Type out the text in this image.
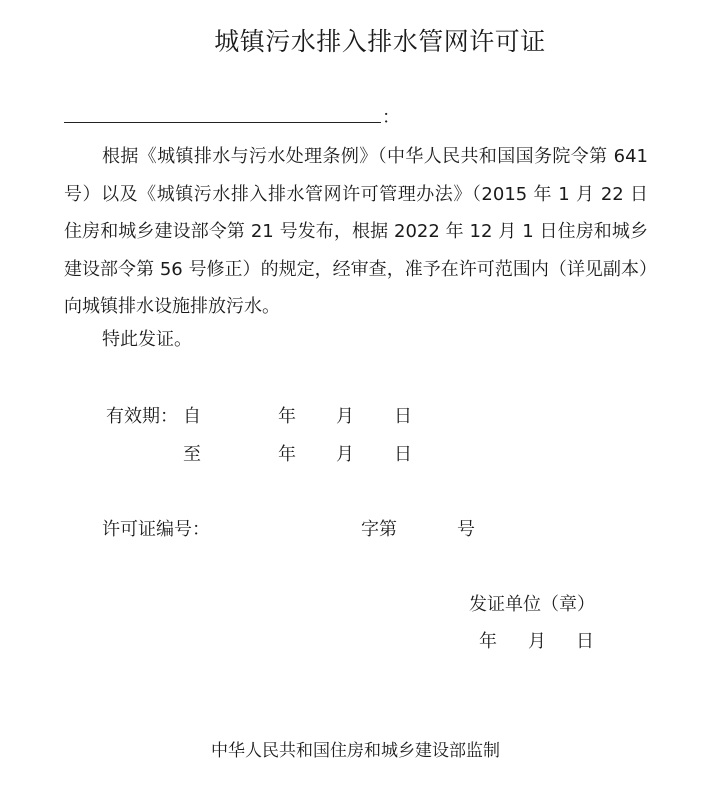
城镇污水排入排水管网许可证
：
根据《城镇排水与污水处理条例》（中华人民共和国国务院令第 641 号）以及《城镇污水排入排水管网许可管理办法》（2015 年 1 月 22 日住房和城乡建设部令第 21 号发布，根据 2022 年 12 月 1 日住房和城乡建设部令第 56 号修正）的规定，经审查，准予在许可范围内（详见副本）向城镇排水设施排放污水。
特此发证。
有效期： 自	年 月 日
至	年 月 日
许可证编号：	字第	号
发证单位（章）
年 月 日
中华人民共和国住房和城乡建设部监制
